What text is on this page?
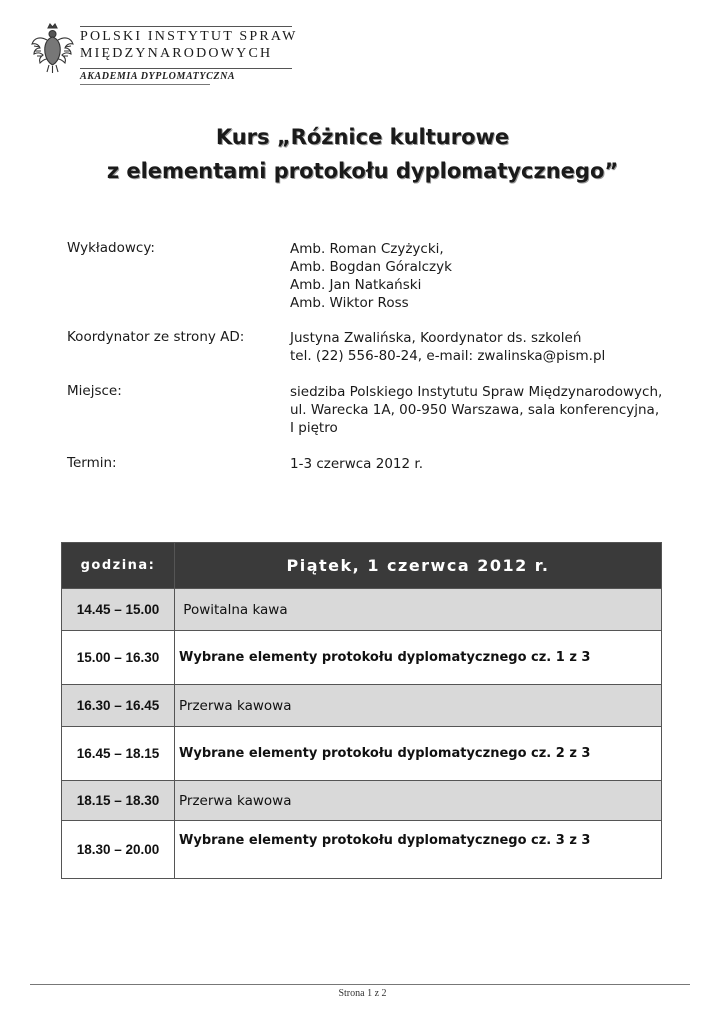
POLSKI INSTYTUT SPRAW
MIĘDZYNARODOWYCH
AKADEMIA DYPLOMATYCZNA
Kurs „Różnice kulturowe
z elementami protokołu dyplomatycznego”
Wykładowcy:	Amb. Roman Czyżycki,
Amb. Bogdan Góralczyk
Amb. Jan Natkański
Amb. Wiktor Ross
Koordynator ze strony AD:	Justyna Zwalińska, Koordynator ds. szkoleń
tel. (22) 556-80-24, e-mail: zwalinska@pism.pl
Miejsce:	siedziba Polskiego Instytutu Spraw Międzynarodowych,
ul. Warecka 1A, 00-950 Warszawa, sala konferencyjna,
I piętro
Termin:	1-3 czerwca 2012 r.
godzina:	Piątek, 1 czerwca 2012 r.
14.45 – 15.00	Powitalna kawa
15.00 – 16.30	Wybrane elementy protokołu dyplomatycznego cz. 1 z 3
16.30 – 16.45	Przerwa kawowa
16.45 – 18.15	Wybrane elementy protokołu dyplomatycznego cz. 2 z 3
18.15 – 18.30	Przerwa kawowa
18.30 – 20.00	Wybrane elementy protokołu dyplomatycznego cz. 3 z 3
Strona 1 z 2
